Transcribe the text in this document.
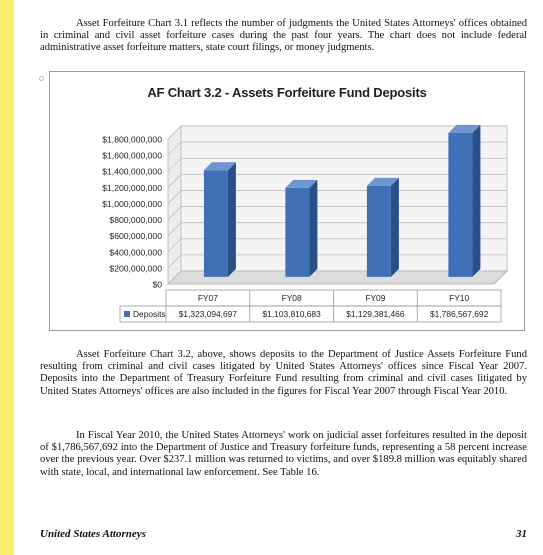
Asset Forfeiture Chart 3.1 reflects the number of judgments the United States Attorneys' offices obtained in criminal and civil asset forfeiture cases during the past four years. The chart does not include federal administrative asset forfeiture matters, state court filings, or money judgments.

AF Chart 3.2 - Assets Forfeiture Fund Deposits
$0
$200,000,000
$400,000,000
$600,000,000
$800,000,000
$1,000,000,000
$1,200,000,000
$1,400,000,000
$1,600,000,000
$1,800,000,000
FY07
$1,323,094,697
FY08
$1,103,810,683
FY09
$1,129,381,466
FY10
$1,786,567,692
Deposits

Asset Forfeiture Chart 3.2, above, shows deposits to the Department of Justice Assets Forfeiture Fund resulting from criminal and civil cases litigated by United States Attorneys' offices since Fiscal Year 2007. Deposits into the Department of Treasury Forfeiture Fund resulting from criminal and civil cases litigated by United States Attorneys' offices are also included in the figures for Fiscal Year 2007 through Fiscal Year 2010.

In Fiscal Year 2010, the United States Attorneys' work on judicial asset forfeitures resulted in the deposit of $1,786,567,692 into the Department of Justice and Treasury forfeiture funds, representing a 58 percent increase over the previous year. Over $237.1 million was returned to victims, and over $189.8 million was equitably shared with state, local, and international law enforcement. See Table 16.

United States Attorneys	31
